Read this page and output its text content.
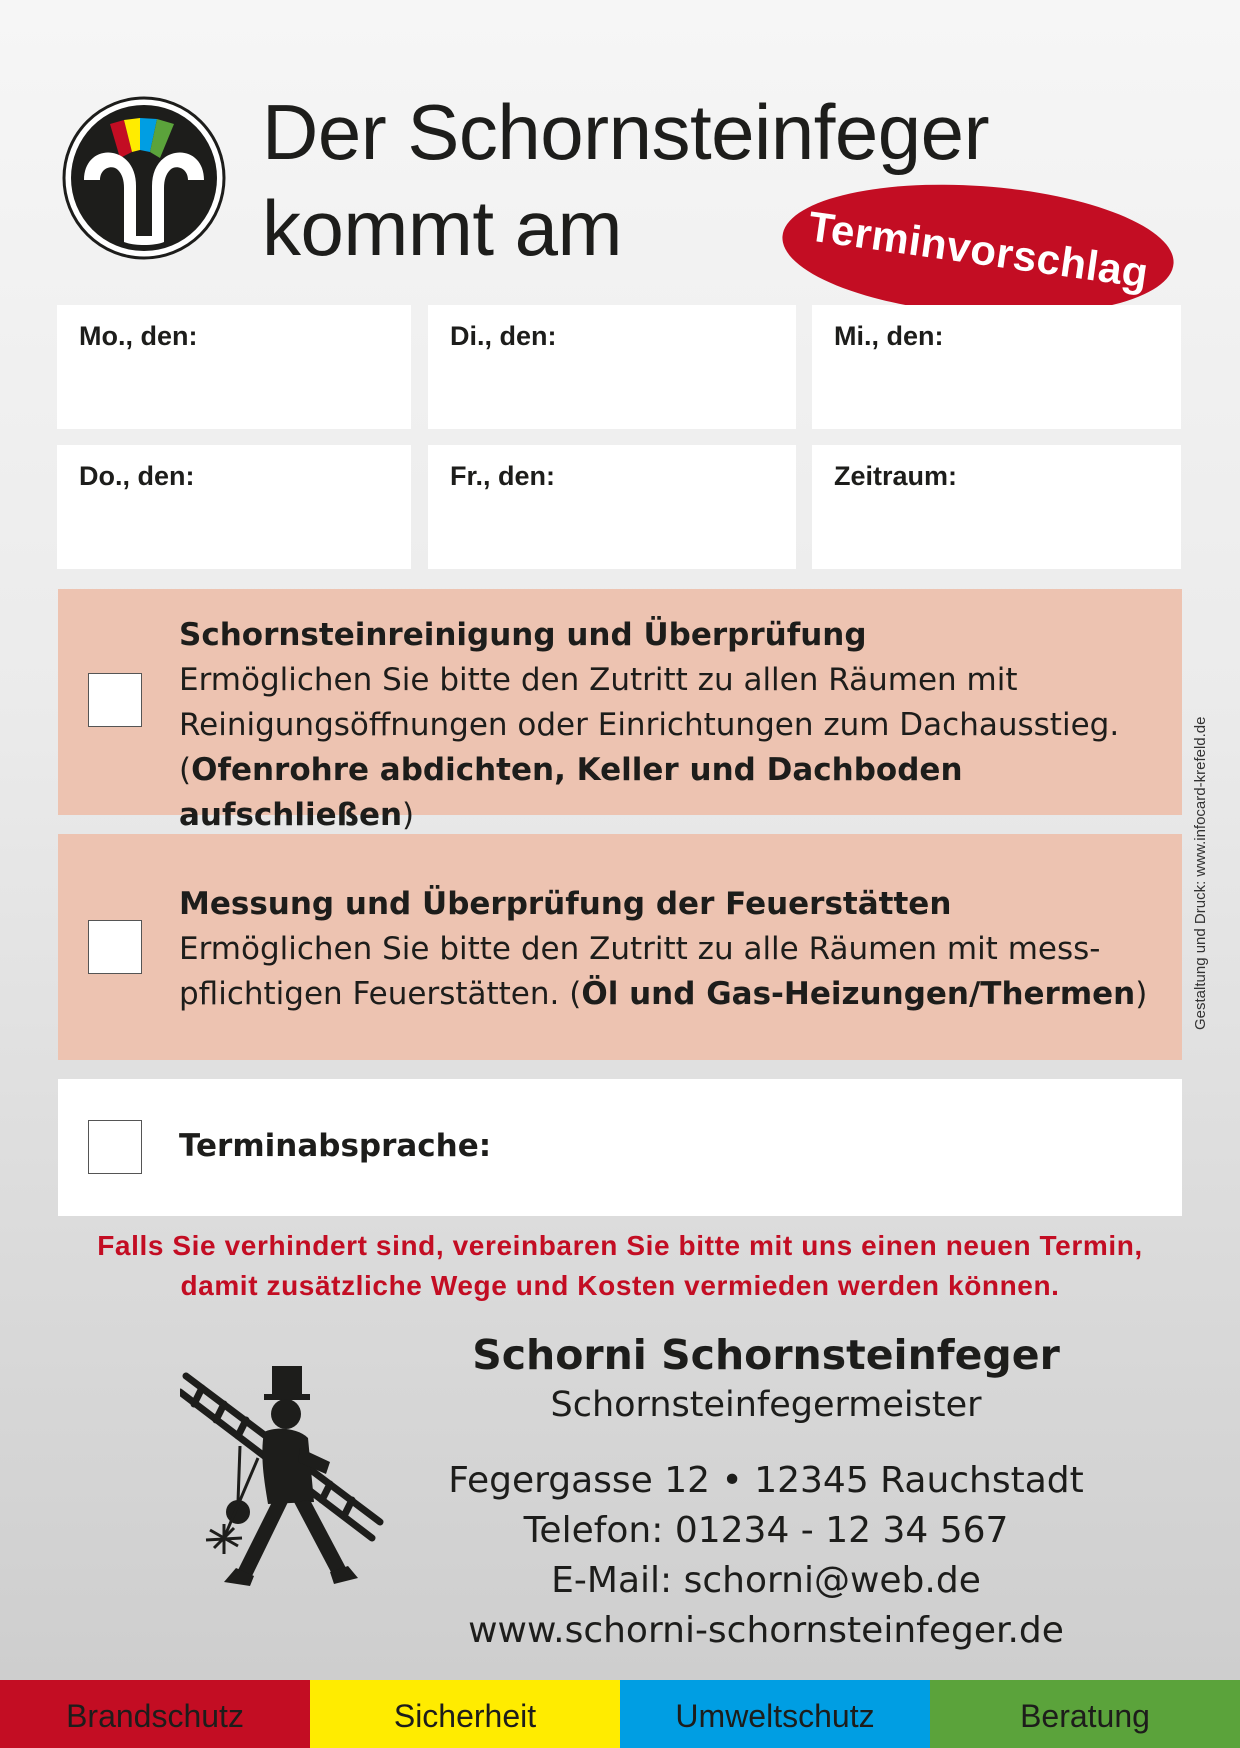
Der Schornsteinfeger
kommt am	Terminvorschlag
Mo., den:	Di., den:	Mi., den:
Do., den:	Fr., den:	Zeitraum:
Schornsteinreinigung und Überprüfung
Ermöglichen Sie bitte den Zutritt zu allen Räumen mit
Reinigungsöffnungen oder Einrichtungen zum Dachausstieg.
(Ofenrohre abdichten, Keller und Dachboden aufschließen)
Messung und Überprüfung der Feuerstätten
Ermöglichen Sie bitte den Zutritt zu alle Räumen mit mess-
pflichtigen Feuerstätten. (Öl und Gas-Heizungen/Thermen)
Terminabsprache:
Falls Sie verhindert sind, vereinbaren Sie bitte mit uns einen neuen Termin,
damit zusätzliche Wege und Kosten vermieden werden können.
Schorni Schornsteinfeger
Schornsteinfegermeister
Fegergasse 12 • 12345 Rauchstadt
Telefon: 01234 - 12 34 567
E-Mail: schorni@web.de
www.schorni-schornsteinfeger.de
Gestaltung und Druck: www.infocard-krefeld.de
Brandschutz	Sicherheit	Umweltschutz	Beratung
